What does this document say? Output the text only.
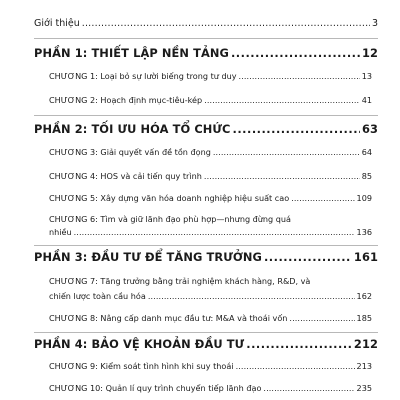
Giới thiệu .....	3
PHẦN 1: THIẾT LẬP NỀN TẢNG .....	12
CHƯƠNG 1: Loại bỏ sự lười biếng trong tư duy .....	13
CHƯƠNG 2: Hoạch định mục-tiêu-kép .....	41
PHẦN 2: TỐI ƯU HÓA TỔ CHỨC .....	63
CHƯƠNG 3: Giải quyết vấn đề tồn đọng .....	64
CHƯƠNG 4: HOS và cải tiến quy trình .....	85
CHƯƠNG 5: Xây dựng văn hóa doanh nghiệp hiệu suất cao .....	109
CHƯƠNG 6: Tìm và giữ lãnh đạo phù hợp—nhưng đừng quá
nhiều .....	136
PHẦN 3: ĐẦU TƯ ĐỂ TĂNG TRƯỞNG .....	161
CHƯƠNG 7: Tăng trưởng bằng trải nghiệm khách hàng, R&D, và
chiến lược toàn cầu hóa .....	162
CHƯƠNG 8: Nâng cấp danh mục đầu tư: M&A và thoái vốn .....	185
PHẦN 4: BẢO VỆ KHOẢN ĐẦU TƯ .....	212
CHƯƠNG 9: Kiểm soát tình hình khi suy thoái .....	213
CHƯƠNG 10: Quản lí quy trình chuyển tiếp lãnh đạo .....	235
